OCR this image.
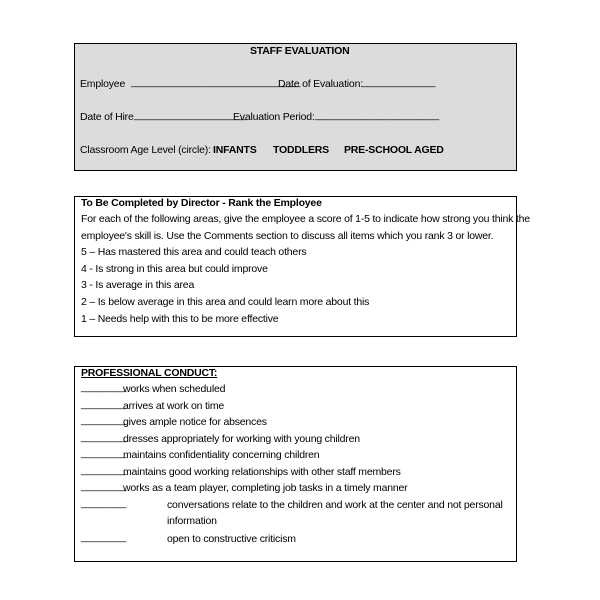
STAFF EVALUATION
Employee ______________________________
Date of Evaluation: _____________
Date of Hire ____________________
Evaluation Period: ______________________
Classroom Age Level (circle): INFANTS TODDLERS PRE-SCHOOL AGED
To Be Completed by Director - Rank the Employee
For each of the following areas, give the employee a score of 1-5 to indicate how strong you think the
employee's skill is. Use the Comments section to discuss all items which you rank 3 or lower.
5 – Has mastered this area and could teach others
4 - Is strong in this area but could improve
3 - Is average in this area
2 – Is below average in this area and could learn more about this
1 – Needs help with this to be more effective
PROFESSIONAL CONDUCT:
________
works when scheduled
________
arrives at work on time
________
gives ample notice for absences
________
dresses appropriately for working with young children
________
maintains confidentiality concerning children
________
maintains good working relationships with other staff members
________
works as a team player, completing job tasks in a timely manner
________	conversations relate to the children and work at the center and not personal
information
________	open to constructive criticism
